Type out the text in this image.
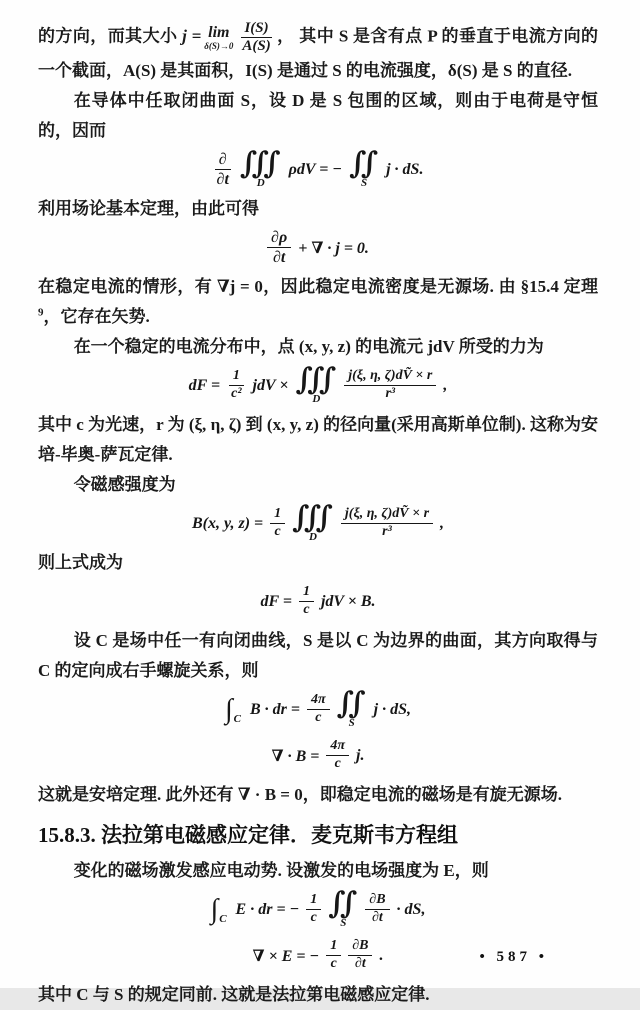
的方向，而其大小 j = lim
$\delta(S)\to 0 \frac{I(S)}{A(S)}$ ， 其中 S 是含有点 P 的垂直于电流方向的一个截面，A(S) 是其面积，I(S) 是通过 S 的电流强度，δ(S) 是 S 的直径.

在导体中任取闭曲面 S，设 D 是 S 包围的区域，则由于电荷是守恒的，因而

$\frac{\partial}{\partial t}$ ∭
D
ρdV = − ∬
S
j · dS.

利用场论基本定理，由此可得

$\frac{\partial\rho}{\partial t}$ + ∇ · j = 0.

在稳定电流的情形，有 ∇j = 0，因此稳定电流密度是无源场. 由 §15.4 定理$^9$，它存在矢势.

在一个稳定的电流分布中，点 (x, y, z) 的电流元 jdV 所受的力为

dF = $\frac{1}{\text{c²}}$ jdV × ∭
D $\frac{\text{j(ξ, η, ζ)dṼ × r}}{\text{r³}}$ ,

其中 c 为光速，r 为 (ξ, η, ζ) 到 (x, y, z) 的径向量(采用高斯单位制). 这称为安培-毕奥-萨瓦定律.

令磁感强度为

B(x, y, $z) = \frac{1}{c}$ ∭
D $\frac{\text{j(ξ, η, ζ)dṼ × r}}{\text{r³}}$ ,

则上式成为

dF = $\frac{1}{c}$ jdV × B.

设 C 是场中任一有向闭曲线，S 是以 C 为边界的曲面，其方向取得与 C 的定向成右手螺旋关系，则

∫ C
B · dr = $\frac{4\pi}{c}$ ∬
S
j · dS,
∇ · $B = \frac{4\pi}{c} j$.

这就是安培定理. 此外还有 ∇ · B = 0，即稳定电流的磁场是有旋无源场.

15.8.3. 法拉第电磁感应定律．麦克斯韦方程组

变化的磁场激发感应电动势. 设激发的电场强度为 E，则

∫ C
E · dr = − $\frac{1}{c}$ ∬
S $\frac{\partial B}{\partial t}$ · dS,
∇ × E = − $\frac{1}{c} \frac{\partial B}{\partial t}$ .

其中 C 与 S 的规定同前. 这就是法拉第电磁感应定律.

• 587 •
